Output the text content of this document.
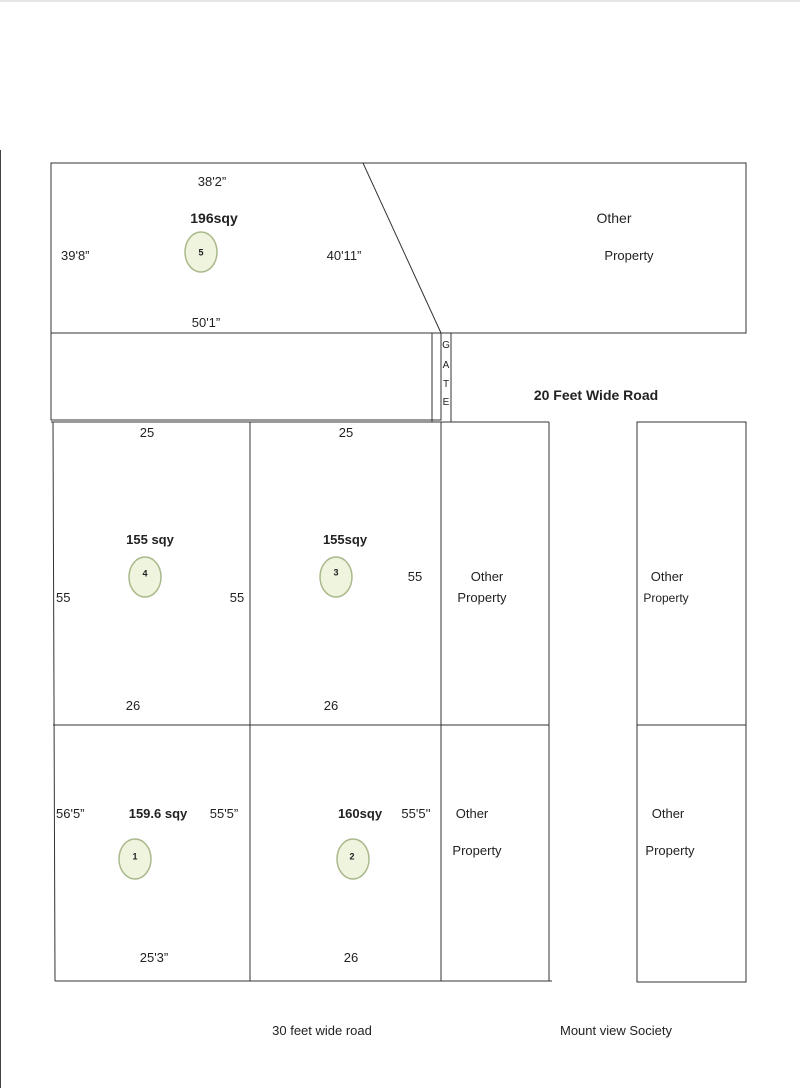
5
4	3
1	2
G
A
T
E
38'2”
196sqy
39'8”	40'11”
50'1”
Other
Property
20 Feet Wide Road
25
155 sqy
55	55
26
25
155sqy
55
26
Other
Property
Other
Property
56'5”	159.6 sqy 55'5”
25'3”
160sqy 55'5''
26
Other
Property
Other
Property
30 feet wide road	Mount view Society
